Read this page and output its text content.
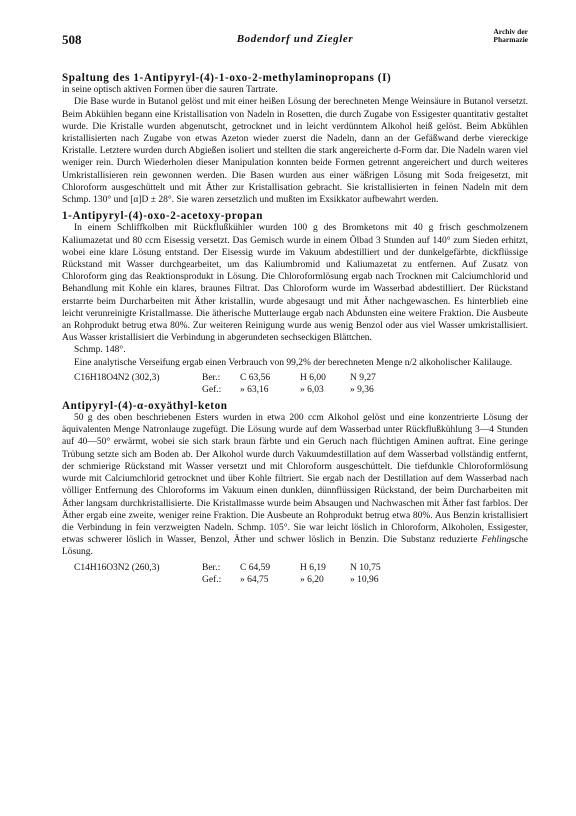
508	Bodendorf und Ziegler
Archiv der
Pharmazie
Spaltung des 1-Antipyryl-(4)-1-oxo-2-methylaminopropans (I)

in seine optisch aktiven Formen über die sauren Tartrate.

Die Base wurde in Butanol gelöst und mit einer heißen Lösung der berechneten Menge Weinsäure in Butanol versetzt. Beim Abkühlen begann eine Kristallisation von Nadeln in Rosetten, die durch Zugabe von Essigester quantitativ gestaltet wurde. Die Kristalle wurden abgenutscht, getrocknet und in leicht verdünntem Alkohol heiß gelöst. Beim Abkühlen kristallisierten nach Zugabe von etwas Azeton wieder zuerst die Nadeln, dann an der Gefäßwand derbe viereckige Kristalle. Letztere wurden durch Abgießen isoliert und stellten die stark angereicherte d-Form dar. Die Nadeln waren viel weniger rein. Durch Wiederholen dieser Manipulation konnten beide Formen getrennt angereichert und durch weiteres Umkristallisieren rein gewonnen werden. Die Basen wurden aus einer wäßrigen Lösung mit Soda freigesetzt, mit Chloroform ausgeschüttelt und mit Äther zur Kristallisation gebracht. Sie kristallisierten in feinen Nadeln mit dem Schmp. 130° und [α]D ± 28°. Sie waren zersetzlich und mußten im Exsikkator aufbewahrt werden.

1-Antipyryl-(4)-oxo-2-acetoxy-propan

In einem Schliffkolben mit Rückflußkühler wurden 100 g des Bromketons mit 40 g frisch geschmolzenem Kaliumazetat und 80 ccm Eisessig versetzt. Das Gemisch wurde in einem Ölbad 3 Stunden auf 140° zum Sieden erhitzt, wobei eine klare Lösung entstand. Der Eisessig wurde im Vakuum abdestilliert und der dunkelgefärbte, dickflüssige Rückstand mit Wasser durchgearbeitet, um das Kaliumbromid und Kaliumazetat zu entfernen. Auf Zusatz von Chloroform ging das Reaktionsprodukt in Lösung. Die Chloroformlösung ergab nach Trocknen mit Calciumchlorid und Behandlung mit Kohle ein klares, braunes Filtrat. Das Chloroform wurde im Wasserbad abdestilliert. Der Rückstand erstarrte beim Durcharbeiten mit Äther kristallin, wurde abgesaugt und mit Äther nachgewaschen. Es hinterblieb eine leicht verunreinigte Kristallmasse. Die ätherische Mutterlauge ergab nach Abdunsten eine weitere Fraktion. Die Ausbeute an Rohprodukt betrug etwa 80%. Zur weiteren Reinigung wurde aus wenig Benzol oder aus viel Wasser umkristallisiert. Aus Wasser kristallisiert die Verbindung in abgerundeten sechseckigen Blättchen.

Schmp. 148°.

Eine analytische Verseifung ergab einen Verbrauch von 99,2% der berechneten Menge n/2 alkoholischer Kalilauge.

C16H18O4N2 (302,3)	Ber.:	C 63,56	H 6,00	N 9,27
Gef.:	» 63,16	» 6,03	» 9,36
Antipyryl-(4)-α-oxyäthyl-keton

50 g des oben beschriebenen Esters wurden in etwa 200 ccm Alkohol gelöst und eine konzentrierte Lösung der äquivalenten Menge Natronlauge zugefügt. Die Lösung wurde auf dem Wasserbad unter Rückflußkühlung 3—4 Stunden auf 40—50° erwärmt, wobei sie sich stark braun färbte und ein Geruch nach flüchtigen Aminen auftrat. Eine geringe Trübung setzte sich am Boden ab. Der Alkohol wurde durch Vakuumdestillation auf dem Wasserbad vollständig entfernt, der schmierige Rückstand mit Wasser versetzt und mit Chloroform ausgeschüttelt. Die tiefdunkle Chloroformlösung wurde mit Calciumchlorid getrocknet und über Kohle filtriert. Sie ergab nach der Destillation auf dem Wasserbad nach völliger Entfernung des Chloroforms im Vakuum einen dunklen, dünnflüssigen Rückstand, der beim Durcharbeiten mit Äther langsam durchkristallisierte. Die Kristallmasse wurde beim Absaugen und Nachwaschen mit Äther fast farblos. Der Äther ergab eine zweite, weniger reine Fraktion. Die Ausbeute an Rohprodukt betrug etwa 80%. Aus Benzin kristallisiert die Verbindung in fein verzweigten Nadeln. Schmp. 105°. Sie war leicht löslich in Chloroform, Alkoholen, Essigester, etwas schwerer löslich in Wasser, Benzol, Äther und schwer löslich in Benzin. Die Substanz reduzierte Fehlingsche Lösung.

C14H16O3N2 (260,3)	Ber.:	C 64,59	H 6,19	N 10,75
Gef.:	» 64,75	» 6,20	» 10,96
